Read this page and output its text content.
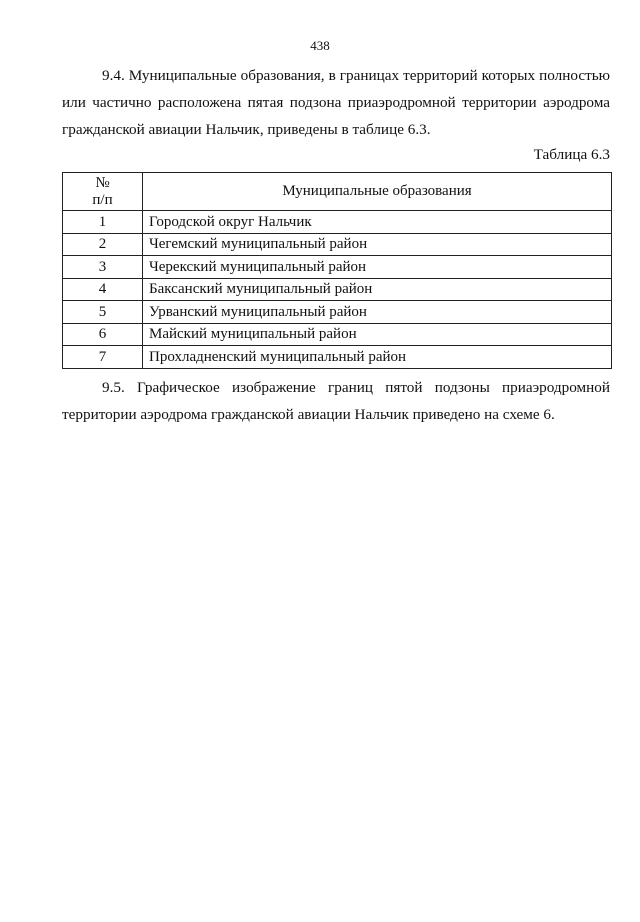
438

9.4. Муниципальные образования, в границах территорий которых полностью или частично расположена пятая подзона приаэродромной территории аэродрома гражданской авиации Нальчик, приведены в таблице 6.3.

Таблица 6.3
№
п/п	Муниципальные образования
1	Городской округ Нальчик
2	Чегемский муниципальный район
3	Черекский муниципальный район
4	Баксанский муниципальный район
5	Урванский муниципальный район
6	Майский муниципальный район
7	Прохладненский муниципальный район

9.5. Графическое изображение границ пятой подзоны приаэродромной территории аэродрома гражданской авиации Нальчик приведено на схеме 6.
